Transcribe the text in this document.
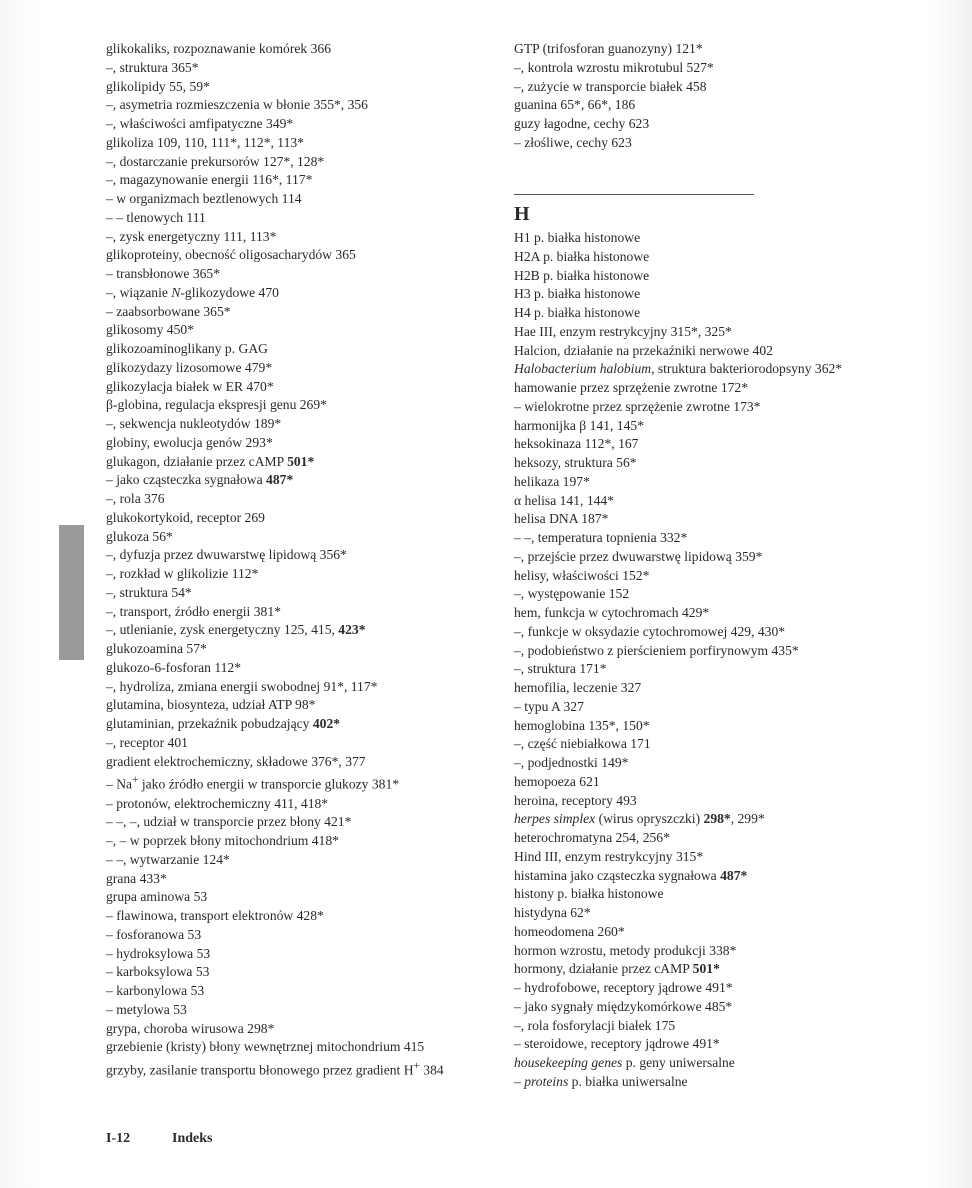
glikokaliks, rozpoznawanie komórek 366
–, struktura 365*
glikolipidy 55, 59*
–, asymetria rozmieszczenia w błonie 355*, 356
–, właściwości amfipatyczne 349*
glikoliza 109, 110, 111*, 112*, 113*
–, dostarczanie prekursorów 127*, 128*
–, magazynowanie energii 116*, 117*
– w organizmach beztlenowych 114
– – tlenowych 111
–, zysk energetyczny 111, 113*
glikoproteiny, obecność oligosacharydów 365
– transbłonowe 365*
–, wiązanie N-glikozydowe 470
– zaabsorbowane 365*
glikosomy 450*
glikozoaminoglikany p. GAG
glikozydazy lizosomowe 479*
glikozylacja białek w ER 470*
β-globina, regulacja ekspresji genu 269*
–, sekwencja nukleotydów 189*
globiny, ewolucja genów 293*
glukagon, działanie przez cAMP 501*
– jako cząsteczka sygnałowa 487*
–, rola 376
glukokortykoid, receptor 269
glukoza 56*
–, dyfuzja przez dwuwarstwę lipidową 356*
–, rozkład w glikolizie 112*
–, struktura 54*
–, transport, źródło energii 381*
–, utlenianie, zysk energetyczny 125, 415, 423*
glukozoamina 57*
glukozo-6-fosforan 112*
–, hydroliza, zmiana energii swobodnej 91*, 117*
glutamina, biosynteza, udział ATP 98*
glutaminian, przekaźnik pobudzający 402*
–, receptor 401
gradient elektrochemiczny, składowe 376*, 377
– Na+ jako źródło energii w transporcie glukozy 381*
– protonów, elektrochemiczny 411, 418*
– –, –, udział w transporcie przez błony 421*
–, – w poprzek błony mitochondrium 418*
– –, wytwarzanie 124*
grana 433*
grupa aminowa 53
– flawinowa, transport elektronów 428*
– fosforanowa 53
– hydroksylowa 53
– karboksylowa 53
– karbonylowa 53
– metylowa 53
grypa, choroba wirusowa 298*
grzebienie (kristy) błony wewnętrznej mitochondrium 415
grzyby, zasilanie transportu błonowego przez gradient H+ 384
GTP (trifosforan guanozyny) 121*
–, kontrola wzrostu mikrotubul 527*
–, zużycie w transporcie białek 458
guanina 65*, 66*, 186
guzy łagodne, cechy 623
– złośliwe, cechy 623
H
H1 p. białka histonowe
H2A p. białka histonowe
H2B p. białka histonowe
H3 p. białka histonowe
H4 p. białka histonowe
Hae III, enzym restrykcyjny 315*, 325*
Halcion, działanie na przekaźniki nerwowe 402
Halobacterium halobium, struktura bakteriorodopsyny 362*
hamowanie przez sprzężenie zwrotne 172*
– wielokrotne przez sprzężenie zwrotne 173*
harmonijka β 141, 145*
heksokinaza 112*, 167
heksozy, struktura 56*
helikaza 197*
α helisa 141, 144*
helisa DNA 187*
– –, temperatura topnienia 332*
–, przejście przez dwuwarstwę lipidową 359*
helisy, właściwości 152*
–, występowanie 152
hem, funkcja w cytochromach 429*
–, funkcje w oksydazie cytochromowej 429, 430*
–, podobieństwo z pierścieniem porfirynowym 435*
–, struktura 171*
hemofilia, leczenie 327
– typu A 327
hemoglobina 135*, 150*
–, część niebiałkowa 171
–, podjednostki 149*
hemopoeza 621
heroina, receptory 493
herpes simplex (wirus opryszczki) 298*, 299*
heterochromatyna 254, 256*
Hind III, enzym restrykcyjny 315*
histamina jako cząsteczka sygnałowa 487*
histony p. białka histonowe
histydyna 62*
homeodomena 260*
hormon wzrostu, metody produkcji 338*
hormony, działanie przez cAMP 501*
– hydrofobowe, receptory jądrowe 491*
– jako sygnały międzykomórkowe 485*
–, rola fosforylacji białek 175
– steroidowe, receptory jądrowe 491*
housekeeping genes p. geny uniwersalne
– proteins p. białka uniwersalne
I-12	Indeks
